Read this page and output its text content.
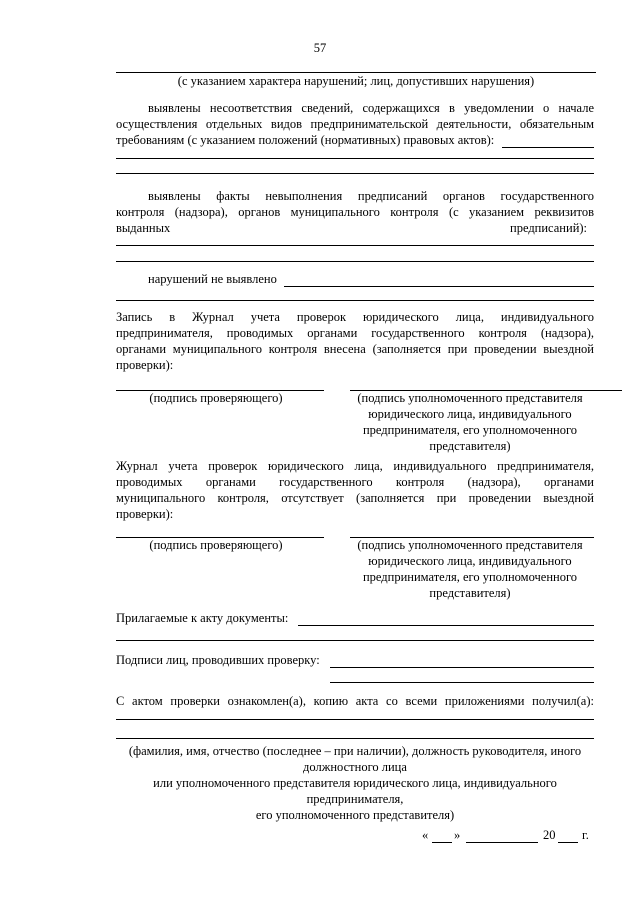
57
(с указанием характера нарушений; лиц, допустивших нарушения)
выявлены несоответствия сведений, содержащихся в уведомлении о начале
осуществления отдельных видов предпринимательской деятельности, обязательным
требованиям (с указанием положений (нормативных) правовых актов):
выявлены факты невыполнения предписаний органов государственного
контроля (надзора), органов муниципального контроля (с указанием реквизитов
выданных	предписаний):
нарушений не выявлено
Запись в Журнал учета проверок юридического лица, индивидуального
предпринимателя, проводимых органами государственного контроля (надзора),
органами муниципального контроля внесена (заполняется при проведении выездной
проверки):
(подпись проверяющего)	(подпись уполномоченного представителя
юридического лица, индивидуального
предпринимателя, его уполномоченного
представителя)
Журнал учета проверок юридического лица, индивидуального предпринимателя,
проводимых органами государственного контроля (надзора), органами
муниципального контроля, отсутствует (заполняется при проведении выездной
проверки):
(подпись проверяющего)	(подпись уполномоченного представителя
юридического лица, индивидуального
предпринимателя, его уполномоченного
представителя)
Прилагаемые к акту документы:
Подписи лиц, проводивших проверку:
С актом проверки ознакомлен(а), копию акта со всеми приложениями получил(а):
(фамилия, имя, отчество (последнее – при наличии), должность руководителя, иного
должностного лица
или уполномоченного представителя юридического лица, индивидуального
предпринимателя,
его уполномоченного представителя)
« »	20 г.
